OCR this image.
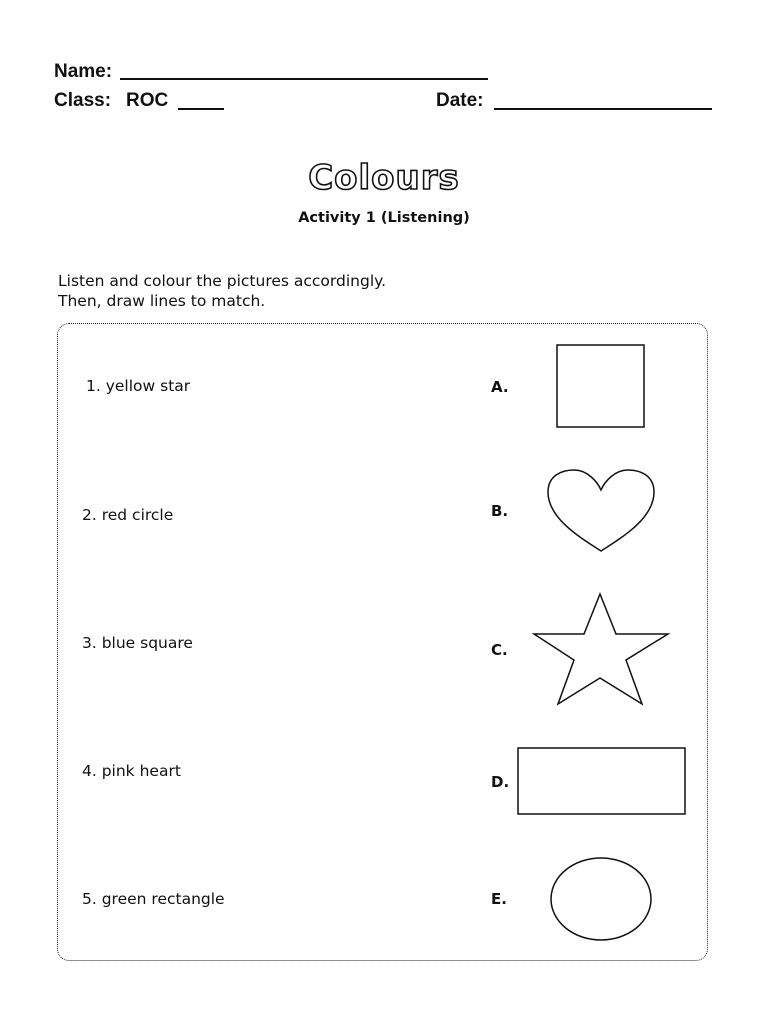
Name:
Class: ROC	Date:
Colours
Activity 1 (Listening)
Listen and colour the pictures accordingly.
Then, draw lines to match.
1. yellow star
2. red circle
3. blue square
4. pink heart
5. green rectangle
A.
B.
C.
D.
E.
